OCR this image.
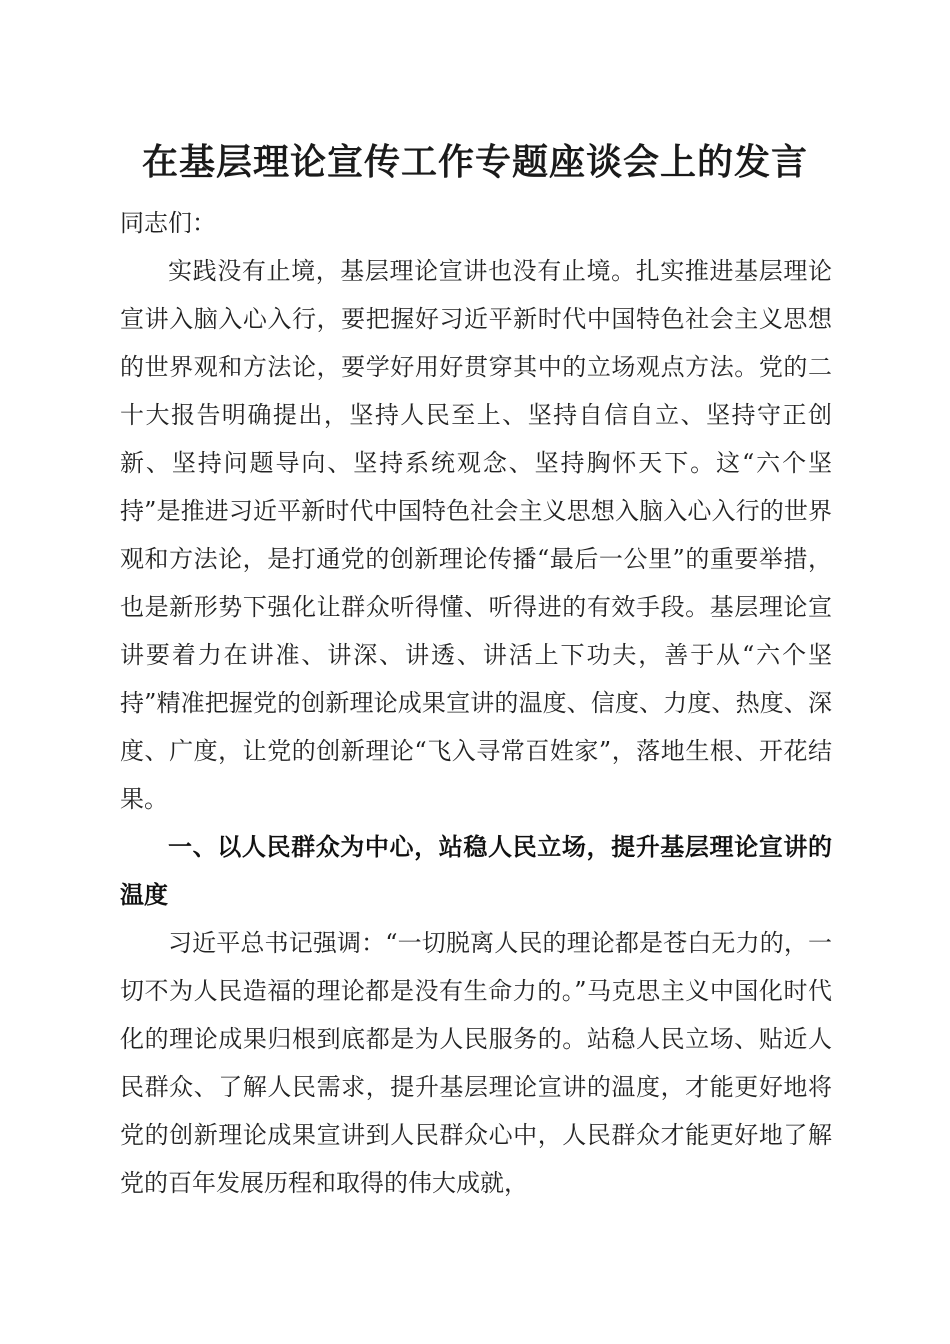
在基层理论宣传工作专题座谈会上的发言

同志们：

实践没有止境，基层理论宣讲也没有止境。扎实推进基层理论宣讲入脑入心入行，要把握好习近平新时代中国特色社会主义思想的世界观和方法论，要学好用好贯穿其中的立场观点方法。党的二十大报告明确提出，坚持人民至上、坚持自信自立、坚持守正创新、坚持问题导向、坚持系统观念、坚持胸怀天下。这“六个坚持”是推进习近平新时代中国特色社会主义思想入脑入心入行的世界观和方法论，是打通党的创新理论传播“最后一公里”的重要举措，也是新形势下强化让群众听得懂、听得进的有效手段。基层理论宣讲要着力在讲准、讲深、讲透、讲活上下功夫，善于从“六个坚持”精准把握党的创新理论成果宣讲的温度、信度、力度、热度、深度、广度，让党的创新理论“飞入寻常百姓家”，落地生根、开花结果。

一、以人民群众为中心，站稳人民立场，提升基层理论宣讲的温度

习近平总书记强调：“一切脱离人民的理论都是苍白无力的，一切不为人民造福的理论都是没有生命力的。”马克思主义中国化时代化的理论成果归根到底都是为人民服务的。站稳人民立场、贴近人民群众、了解人民需求，提升基层理论宣讲的温度，才能更好地将党的创新理论成果宣讲到人民群众心中，人民群众才能更好地了解党的百年发展历程和取得的伟大成就，
